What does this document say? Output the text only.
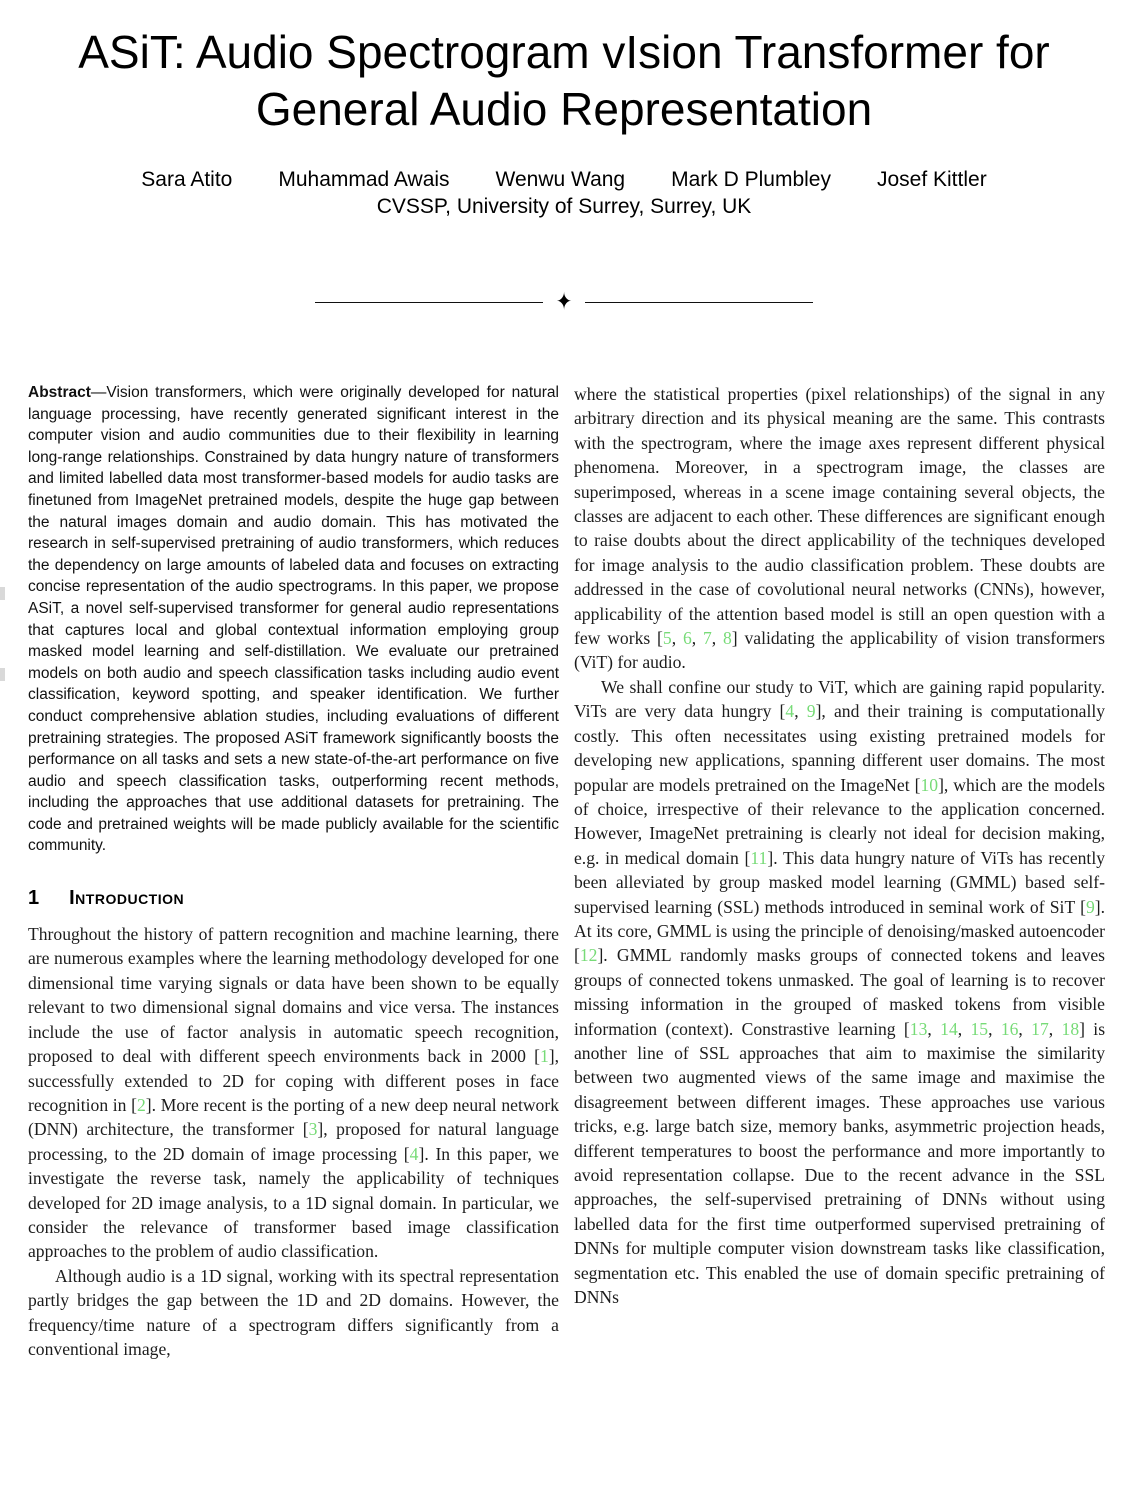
ASiT: Audio Spectrogram vIsion Transformer for
General Audio Representation
Sara Atito Muhammad Awais Wenwu Wang Mark D Plumbley Josef Kittler
CVSSP, University of Surrey, Surrey, UK
✦

Abstract—Vision transformers, which were originally developed for natural language processing, have recently generated significant interest in the computer vision and audio communities due to their flexibility in learning long-range relationships. Constrained by data hungry nature of transformers and limited labelled data most transformer-based models for audio tasks are finetuned from ImageNet pretrained models, despite the huge gap between the natural images domain and audio domain. This has motivated the research in self-supervised pretraining of audio transformers, which reduces the dependency on large amounts of labeled data and focuses on extracting concise representation of the audio spectrograms. In this paper, we propose ASiT, a novel self-supervised transformer for general audio representations that captures local and global contextual information employing group masked model learning and self-distillation. We evaluate our pretrained models on both audio and speech classification tasks including audio event classification, keyword spotting, and speaker identification. We further conduct comprehensive ablation studies, including evaluations of different pretraining strategies. The proposed ASiT framework significantly boosts the performance on all tasks and sets a new state-of-the-art performance on five audio and speech classification tasks, outperforming recent methods, including the approaches that use additional datasets for pretraining. The code and pretrained weights will be made publicly available for the scientific community.

1 Introduction

Throughout the history of pattern recognition and machine learning, there are numerous examples where the learning methodology developed for one dimensional time varying signals or data have been shown to be equally relevant to two dimensional signal domains and vice versa. The instances include the use of factor analysis in automatic speech recognition, proposed to deal with different speech environments back in 2000 [1], successfully extended to 2D for coping with different poses in face recognition in [2]. More recent is the porting of a new deep neural network (DNN) architecture, the transformer [3], proposed for natural language processing, to the 2D domain of image processing [4]. In this paper, we investigate the reverse task, namely the applicability of techniques developed for 2D image analysis, to a 1D signal domain. In particular, we consider the relevance of transformer based image classification approaches to the problem of audio classification.

Although audio is a 1D signal, working with its spectral representation partly bridges the gap between the 1D and 2D domains. However, the frequency/time nature of a spectrogram differs significantly from a conventional image,

where the statistical properties (pixel relationships) of the signal in any arbitrary direction and its physical meaning are the same. This contrasts with the spectrogram, where the image axes represent different physical phenomena. Moreover, in a spectrogram image, the classes are superimposed, whereas in a scene image containing several objects, the classes are adjacent to each other. These differences are significant enough to raise doubts about the direct applicability of the techniques developed for image analysis to the audio classification problem. These doubts are addressed in the case of covolutional neural networks (CNNs), however, applicability of the attention based model is still an open question with a few works [5, 6, 7, 8] validating the applicability of vision transformers (ViT) for audio.

We shall confine our study to ViT, which are gaining rapid popularity. ViTs are very data hungry [4, 9], and their training is computationally costly. This often necessitates using existing pretrained models for developing new applications, spanning different user domains. The most popular are models pretrained on the ImageNet [10], which are the models of choice, irrespective of their relevance to the application concerned. However, ImageNet pretraining is clearly not ideal for decision making, e.g. in medical domain [11]. This data hungry nature of ViTs has recently been alleviated by group masked model learning (GMML) based self-supervised learning (SSL) methods introduced in seminal work of SiT [9]. At its core, GMML is using the principle of denoising/masked autoencoder [12]. GMML randomly masks groups of connected tokens and leaves groups of connected tokens unmasked. The goal of learning is to recover missing information in the grouped of masked tokens from visible information (context). Constrastive learning [13, 14, 15, 16, 17, 18] is another line of SSL approaches that aim to maximise the similarity between two augmented views of the same image and maximise the disagreement between different images. These approaches use various tricks, e.g. large batch size, memory banks, asymmetric projection heads, different temperatures to boost the performance and more importantly to avoid representation collapse. Due to the recent advance in the SSL approaches, the self-supervised pretraining of DNNs without using labelled data for the first time outperformed supervised pretraining of DNNs for multiple computer vision downstream tasks like classification, segmentation etc. This enabled the use of domain specific pretraining of DNNs
